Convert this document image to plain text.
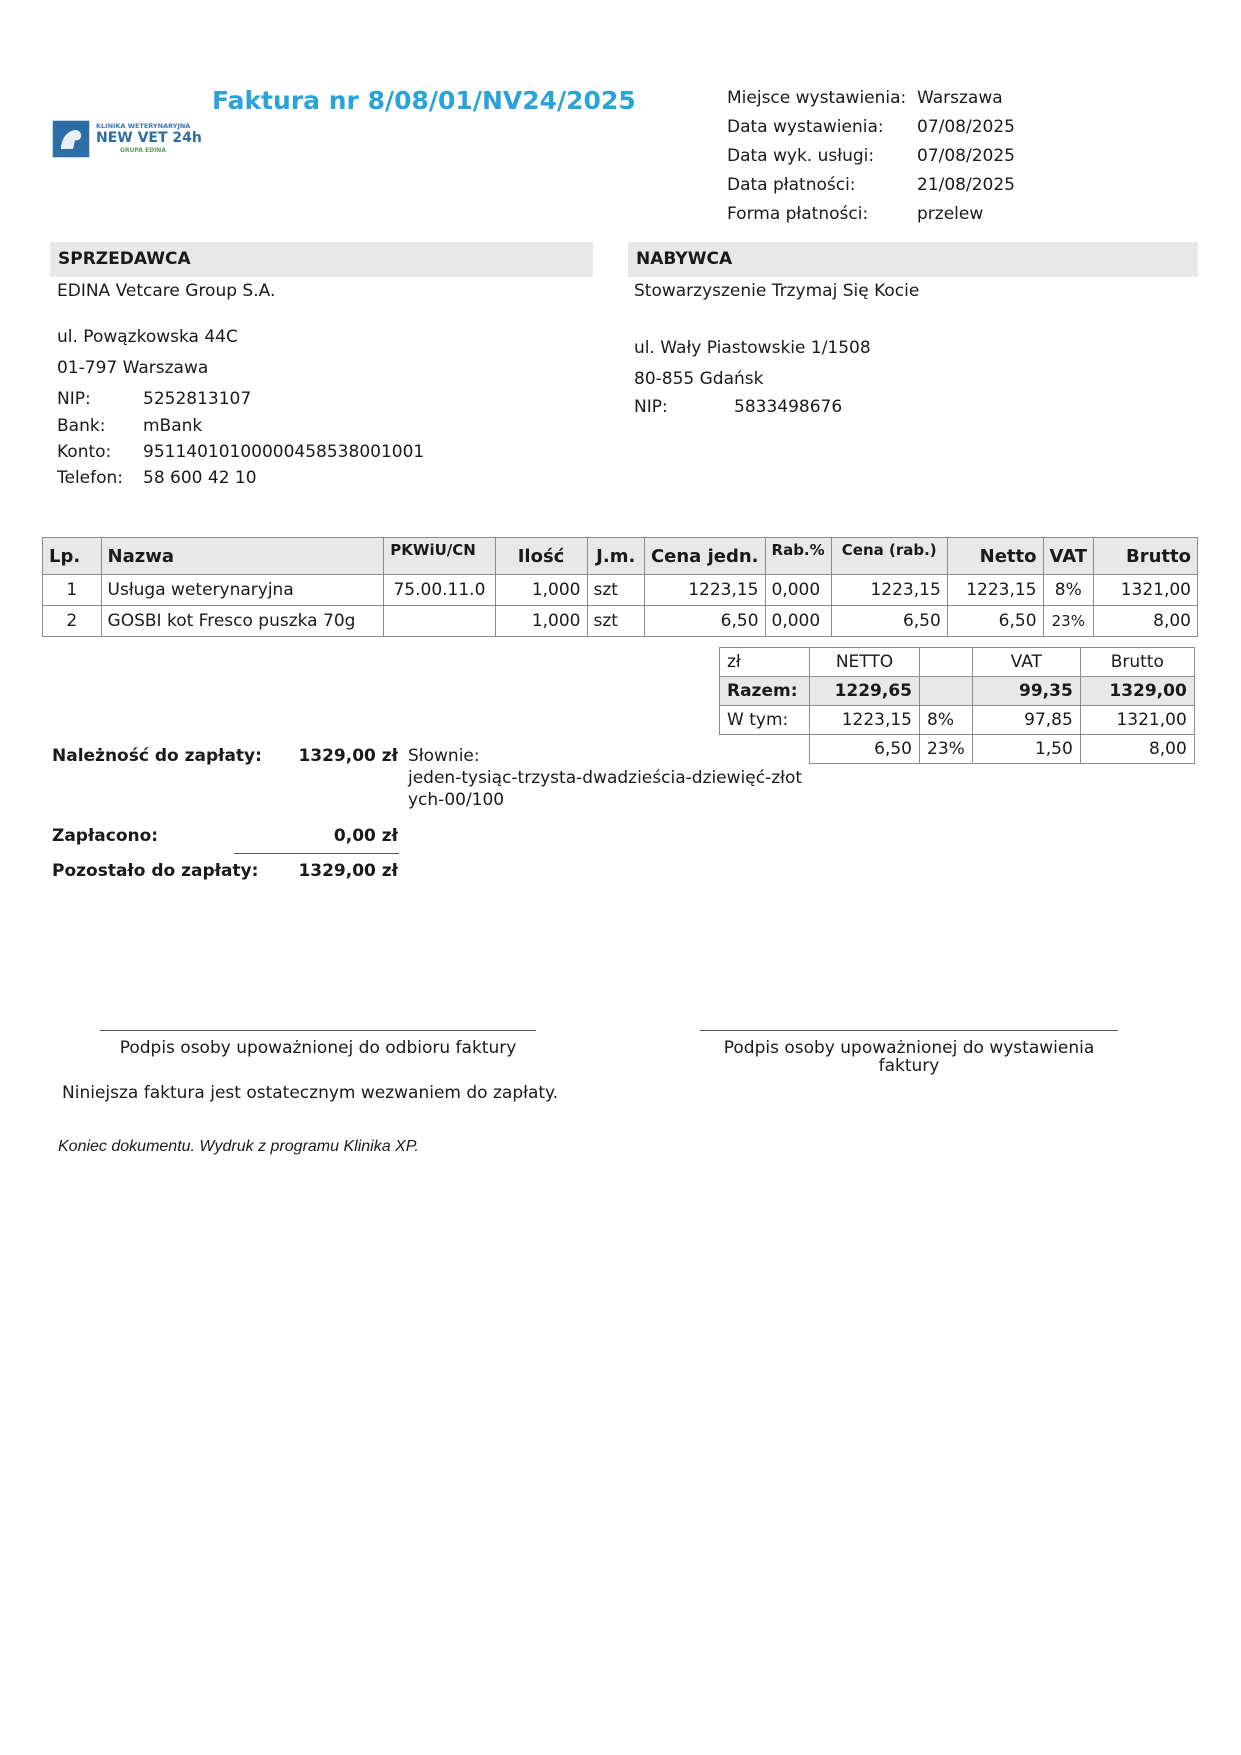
Faktura nr 8/08/01/NV24/2025
KLINIKA WETERYNARYJNA
NEW VET 24h
GRUPA EDINA
Miejsce wystawienia: Warszawa
Data wystawienia: 07/08/2025
Data wyk. usługi:	07/08/2025
Data płatności:	21/08/2025
Forma płatności:	przelew
SPRZEDAWCA
EDINA Vetcare Group S.A.
ul. Powązkowska 44C
01-797 Warszawa
NIP:	5252813107
Bank: mBank
Konto: 95114010100000458538001001
Telefon: 58 600 42 10
NABYWCA
Stowarzyszenie Trzymaj Się Kocie
ul. Wały Piastowskie 1/1508
80-855 Gdańsk
NIP:	5833498676
Lp.	Nazwa	PKWiU/CN	Ilość	J.m.	Cena jedn.	Rab.%	Cena (rab.)	Netto	VAT	Brutto
1	Usługa weterynaryjna	75.00.11.0	1,000	szt	1223,15	0,000	1223,15	1223,15	8%	1321,00
2	GOSBI kot Fresco puszka 70g		1,000	szt	6,50	0,000	6,50	6,50	23%	8,00
zł	NETTO		VAT	Brutto
Razem:	1229,65		99,35	1329,00
W tym:	1223,15	8%	97,85	1321,00
	6,50	23%	1,50	8,00
Należność do zapłaty:	1329,00 zł Słownie:
jeden-tysiąc-trzysta-dwadzieścia-dziewięć-złot
ych-00/100
Zapłacono:	0,00 zł
Pozostało do zapłaty:	1329,00 zł
Podpis osoby upoważnionej do odbioru faktury	Podpis osoby upoważnionej do wystawienia
faktury
Niniejsza faktura jest ostatecznym wezwaniem do zapłaty.
Koniec dokumentu. Wydruk z programu Klinika XP.
